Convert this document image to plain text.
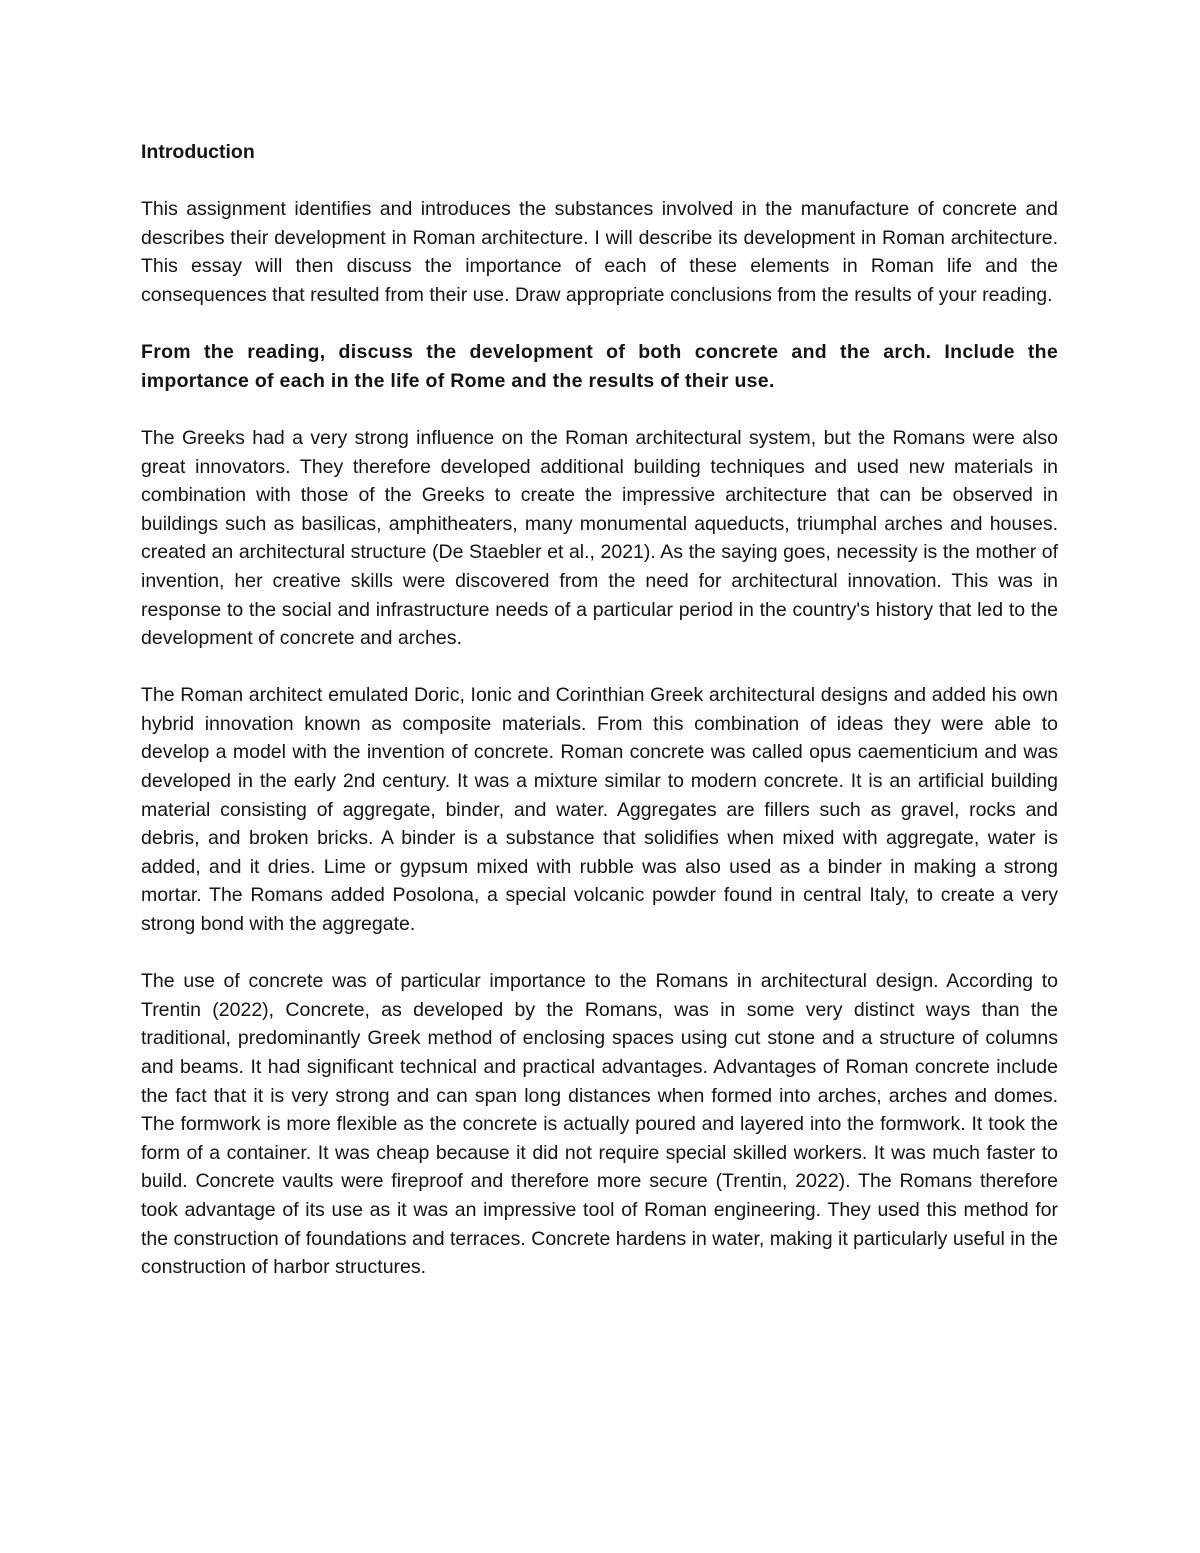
Introduction

This assignment identifies and introduces the substances involved in the manufacture of concrete and describes their development in Roman architecture. I will describe its development in Roman architecture. This essay will then discuss the importance of each of these elements in Roman life and the consequences that resulted from their use. Draw appropriate conclusions from the results of your reading.

From the reading, discuss the development of both concrete and the arch. Include the importance of each in the life of Rome and the results of their use.

The Greeks had a very strong influence on the Roman architectural system, but the Romans were also great innovators. They therefore developed additional building techniques and used new materials in combination with those of the Greeks to create the impressive architecture that can be observed in buildings such as basilicas, amphitheaters, many monumental aqueducts, triumphal arches and houses. created an architectural structure (De Staebler et al., 2021). As the saying goes, necessity is the mother of invention, her creative skills were discovered from the need for architectural innovation. This was in response to the social and infrastructure needs of a particular period in the country's history that led to the development of concrete and arches.

The Roman architect emulated Doric, Ionic and Corinthian Greek architectural designs and added his own hybrid innovation known as composite materials. From this combination of ideas they were able to develop a model with the invention of concrete. Roman concrete was called opus caementicium and was developed in the early 2nd century. It was a mixture similar to modern concrete. It is an artificial building material consisting of aggregate, binder, and water. Aggregates are fillers such as gravel, rocks and debris, and broken bricks. A binder is a substance that solidifies when mixed with aggregate, water is added, and it dries. Lime or gypsum mixed with rubble was also used as a binder in making a strong mortar. The Romans added Posolona, a special volcanic powder found in central Italy, to create a very strong bond with the aggregate.

The use of concrete was of particular importance to the Romans in architectural design. According to Trentin (2022), Concrete, as developed by the Romans, was in some very distinct ways than the traditional, predominantly Greek method of enclosing spaces using cut stone and a structure of columns and beams. It had significant technical and practical advantages. Advantages of Roman concrete include the fact that it is very strong and can span long distances when formed into arches, arches and domes. The formwork is more flexible as the concrete is actually poured and layered into the formwork. It took the form of a container. It was cheap because it did not require special skilled workers. It was much faster to build. Concrete vaults were fireproof and therefore more secure (Trentin, 2022). The Romans therefore took advantage of its use as it was an impressive tool of Roman engineering. They used this method for the construction of foundations and terraces. Concrete hardens in water, making it particularly useful in the construction of harbor structures.
